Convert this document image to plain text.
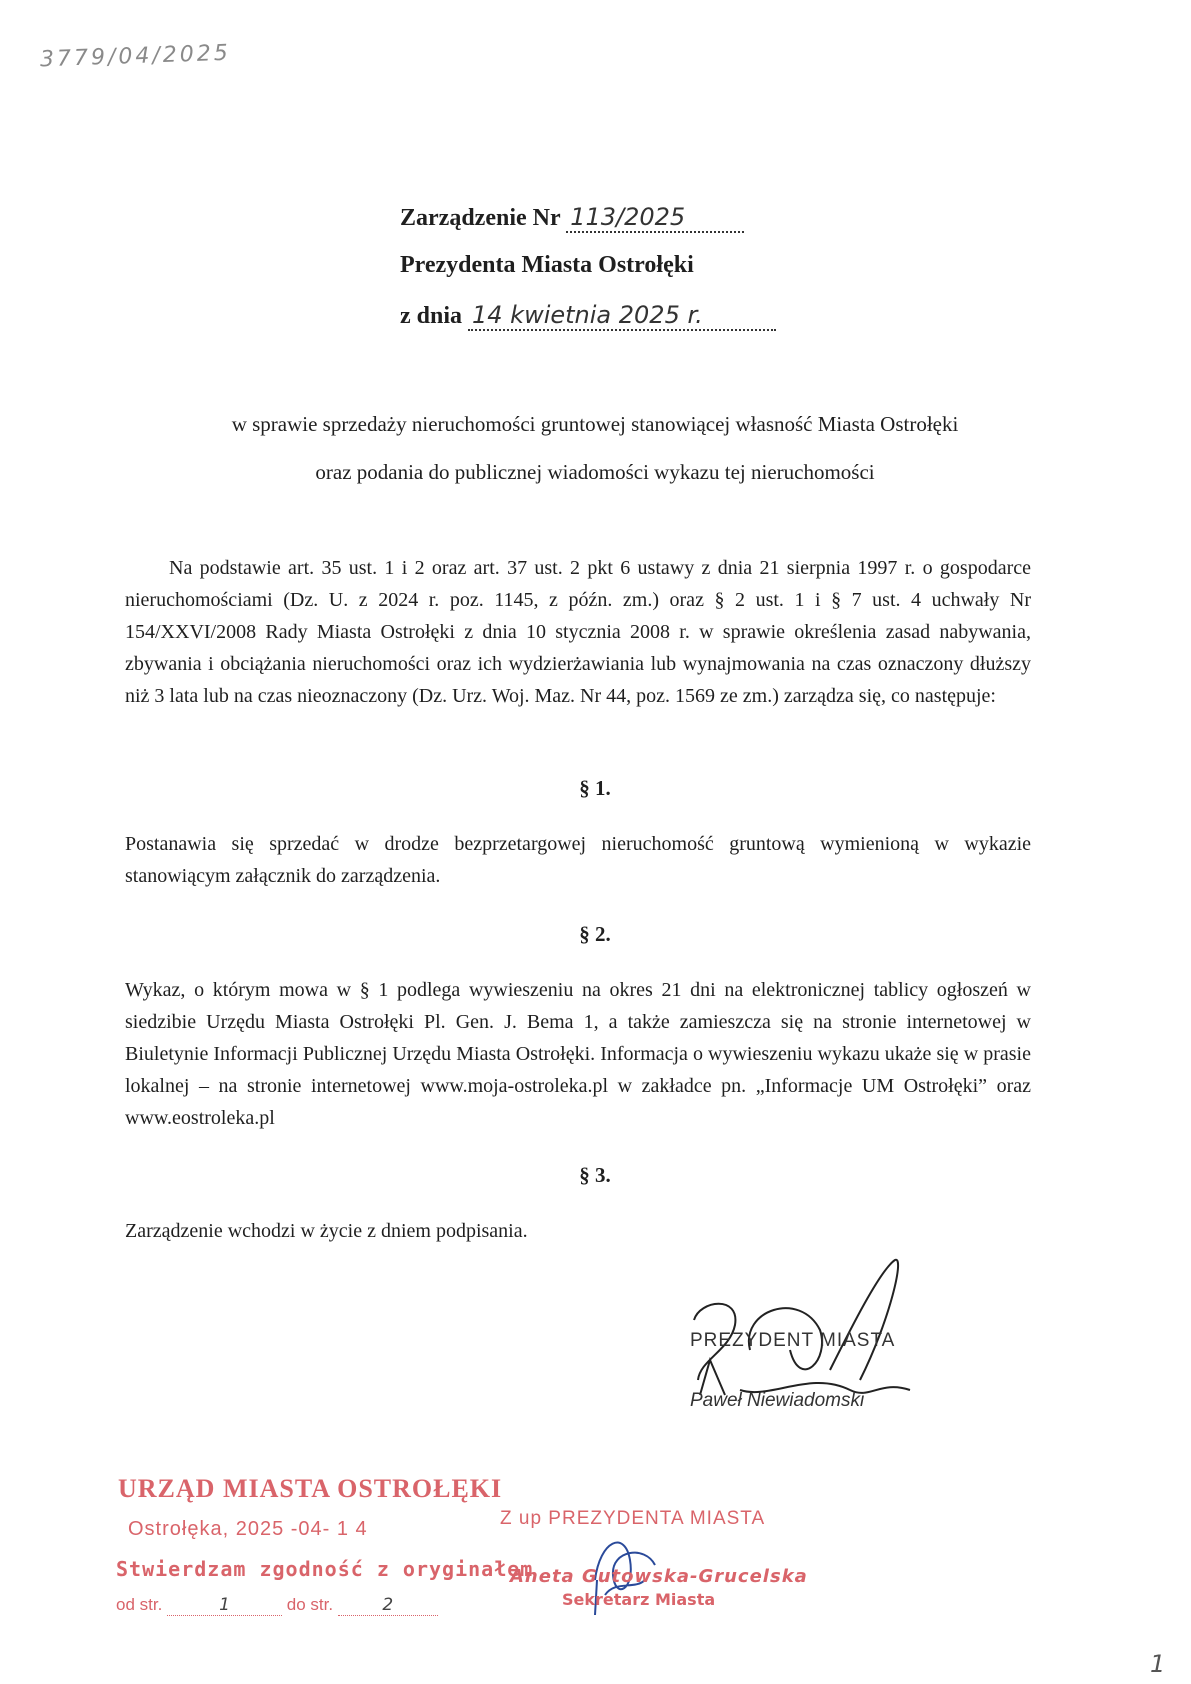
3779/04/2025
Zarządzenie Nr 113/2025
Prezydenta Miasta Ostrołęki
z dnia 14 kwietnia 2025 r.
w sprawie sprzedaży nieruchomości gruntowej stanowiącej własność Miasta Ostrołęki
oraz podania do publicznej wiadomości wykazu tej nieruchomości
Na podstawie art. 35 ust. 1 i 2 oraz art. 37 ust. 2 pkt 6 ustawy z dnia 21 sierpnia 1997 r. o gospodarce nieruchomościami (Dz. U. z 2024 r. poz. 1145, z późn. zm.) oraz § 2 ust. 1 i § 7 ust. 4 uchwały Nr 154/XXVI/2008 Rady Miasta Ostrołęki z dnia 10 stycznia 2008 r. w sprawie określenia zasad nabywania, zbywania i obciążania nieruchomości oraz ich wydzierżawiania lub wynajmowania na czas oznaczony dłuższy niż 3 lata lub na czas nieoznaczony (Dz. Urz. Woj. Maz. Nr 44, poz. 1569 ze zm.) zarządza się, co następuje:
§ 1.
Postanawia się sprzedać w drodze bezprzetargowej nieruchomość gruntową wymienioną w wykazie stanowiącym załącznik do zarządzenia.
§ 2.
Wykaz, o którym mowa w § 1 podlega wywieszeniu na okres 21 dni na elektronicznej tablicy ogłoszeń w siedzibie Urzędu Miasta Ostrołęki Pl. Gen. J. Bema 1, a także zamieszcza się na stronie internetowej w Biuletynie Informacji Publicznej Urzędu Miasta Ostrołęki. Informacja o wywieszeniu wykazu ukaże się w prasie lokalnej – na stronie internetowej www.moja-ostroleka.pl w zakładce pn. „Informacje UM Ostrołęki” oraz www.eostroleka.pl
§ 3.
Zarządzenie wchodzi w życie z dniem podpisania.
PREZYDENT MIASTA
Paweł Niewiadomski
URZĄD MIASTA OSTROŁĘKI
Ostrołęka, 2025 -04- 1 4
Stwierdzam zgodność z oryginałem
od str.	1	do str.	2
Z up PREZYDENTA MIASTA
Aneta Gutowska-Grucelska
Sekretarz Miasta
1
